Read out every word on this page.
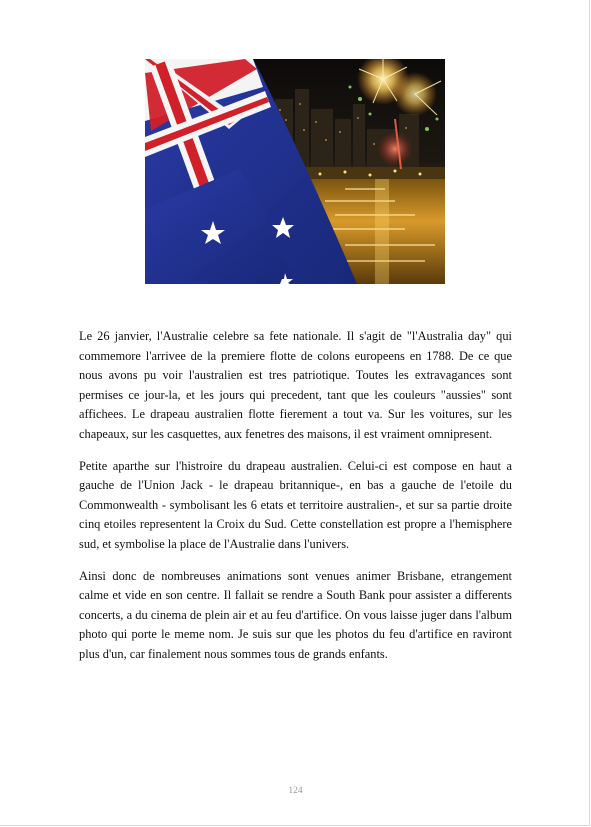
Le 26 janvier, l'Australie celebre sa fete nationale. Il s'agit de "l'Australia day" qui commemore l'arrivee de la premiere flotte de colons europeens en 1788. De ce que nous avons pu voir l'australien est tres patriotique. Toutes les extravagances sont permises ce jour-la, et les jours qui precedent, tant que les couleurs "aussies" sont affichees. Le drapeau australien flotte fierement a tout va. Sur les voitures, sur les chapeaux, sur les casquettes, aux fenetres des maisons, il est vraiment omnipresent.

Petite aparthe sur l'histroire du drapeau australien. Celui-ci est compose en haut a gauche de l'Union Jack - le drapeau britannique-, en bas a gauche de l'etoile du Commonwealth - symbolisant les 6 etats et territoire australien-, et sur sa partie droite cinq etoiles representent la Croix du Sud. Cette constellation est propre a l'hemisphere sud, et symbolise la place de l'Australie dans l'univers.

Ainsi donc de nombreuses animations sont venues animer Brisbane, etrangement calme et vide en son centre. Il fallait se rendre a South Bank pour assister a differents concerts, a du cinema de plein air et au feu d'artifice. On vous laisse juger dans l'album photo qui porte le meme nom. Je suis sur que les photos du feu d'artifice en raviront plus d'un, car finalement nous sommes tous de grands enfants.

124
